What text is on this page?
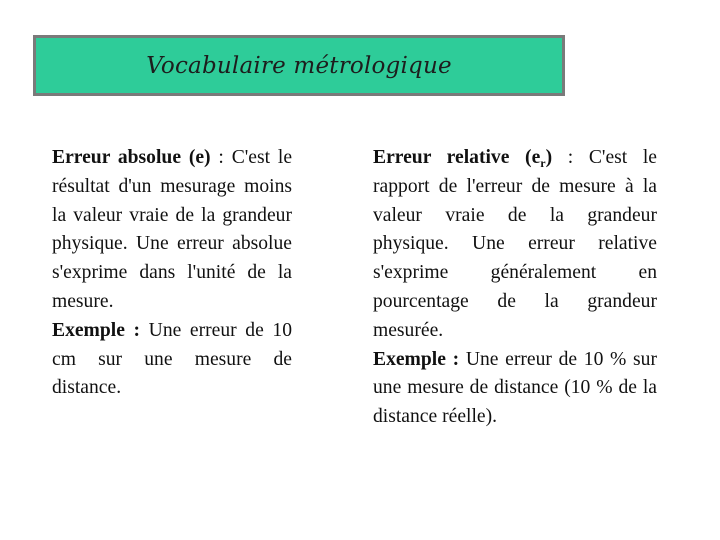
Vocabulaire métrologique

Erreur absolue (e) : C'est le résultat d'un mesurage moins la valeur vraie de la grandeur physique. Une erreur absolue s'exprime dans l'unité de la mesure.

Exemple : Une erreur de 10 cm sur une mesure de distance.

Erreur relative $(e_r)$ : C'est le rapport de l'erreur de mesure à la valeur vraie de la grandeur physique. Une erreur relative s'exprime généralement en pourcentage de la grandeur mesurée.

Exemple : Une erreur de 10 % sur une mesure de distance (10 % de la distance réelle).
